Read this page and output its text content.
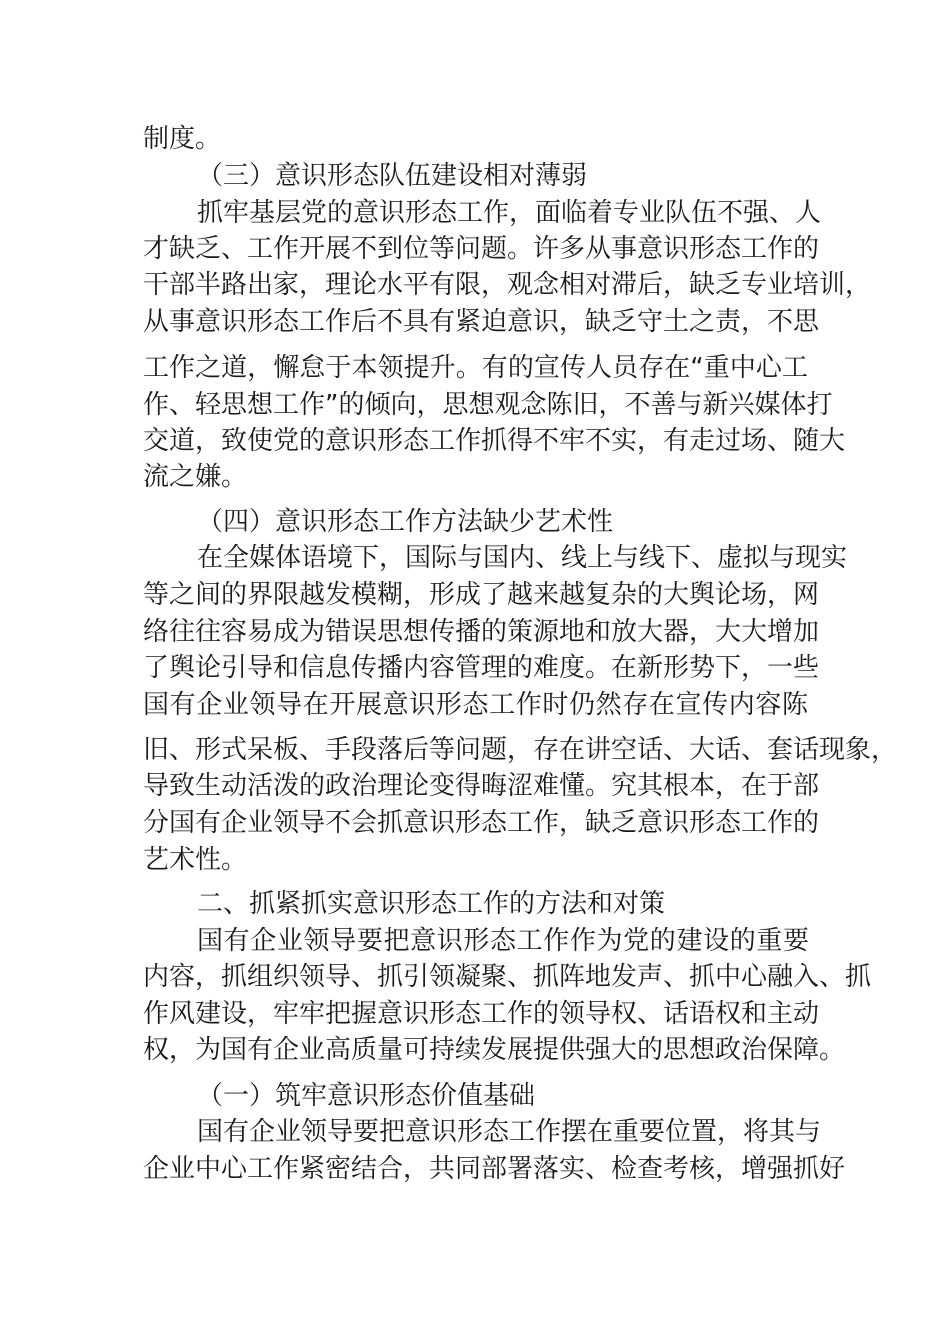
制度。
（三）意识形态队伍建设相对薄弱
抓牢基层党的意识形态工作，面临着专业队伍不强、人
才缺乏、工作开展不到位等问题。许多从事意识形态工作的
干部半路出家，理论水平有限，观念相对滞后，缺乏专业培训，
从事意识形态工作后不具有紧迫意识，缺乏守土之责，不思
工作之道，懈怠于本领提升。有的宣传人员存在“重中心工
作、轻思想工作”的倾向，思想观念陈旧，不善与新兴媒体打
交道，致使党的意识形态工作抓得不牢不实，有走过场、随大
流之嫌。
（四）意识形态工作方法缺少艺术性
在全媒体语境下，国际与国内、线上与线下、虚拟与现实
等之间的界限越发模糊，形成了越来越复杂的大舆论场，网
络往往容易成为错误思想传播的策源地和放大器，大大增加
了舆论引导和信息传播内容管理的难度。在新形势下，一些
国有企业领导在开展意识形态工作时仍然存在宣传内容陈
旧、形式呆板、手段落后等问题，存在讲空话、大话、套话现象，
导致生动活泼的政治理论变得晦涩难懂。究其根本，在于部
分国有企业领导不会抓意识形态工作，缺乏意识形态工作的
艺术性。
二、抓紧抓实意识形态工作的方法和对策
国有企业领导要把意识形态工作作为党的建设的重要
内容，抓组织领导、抓引领凝聚、抓阵地发声、抓中心融入、抓
作风建设，牢牢把握意识形态工作的领导权、话语权和主动
权，为国有企业高质量可持续发展提供强大的思想政治保障。
（一）筑牢意识形态价值基础
国有企业领导要把意识形态工作摆在重要位置，将其与
企业中心工作紧密结合，共同部署落实、检查考核，增强抓好
